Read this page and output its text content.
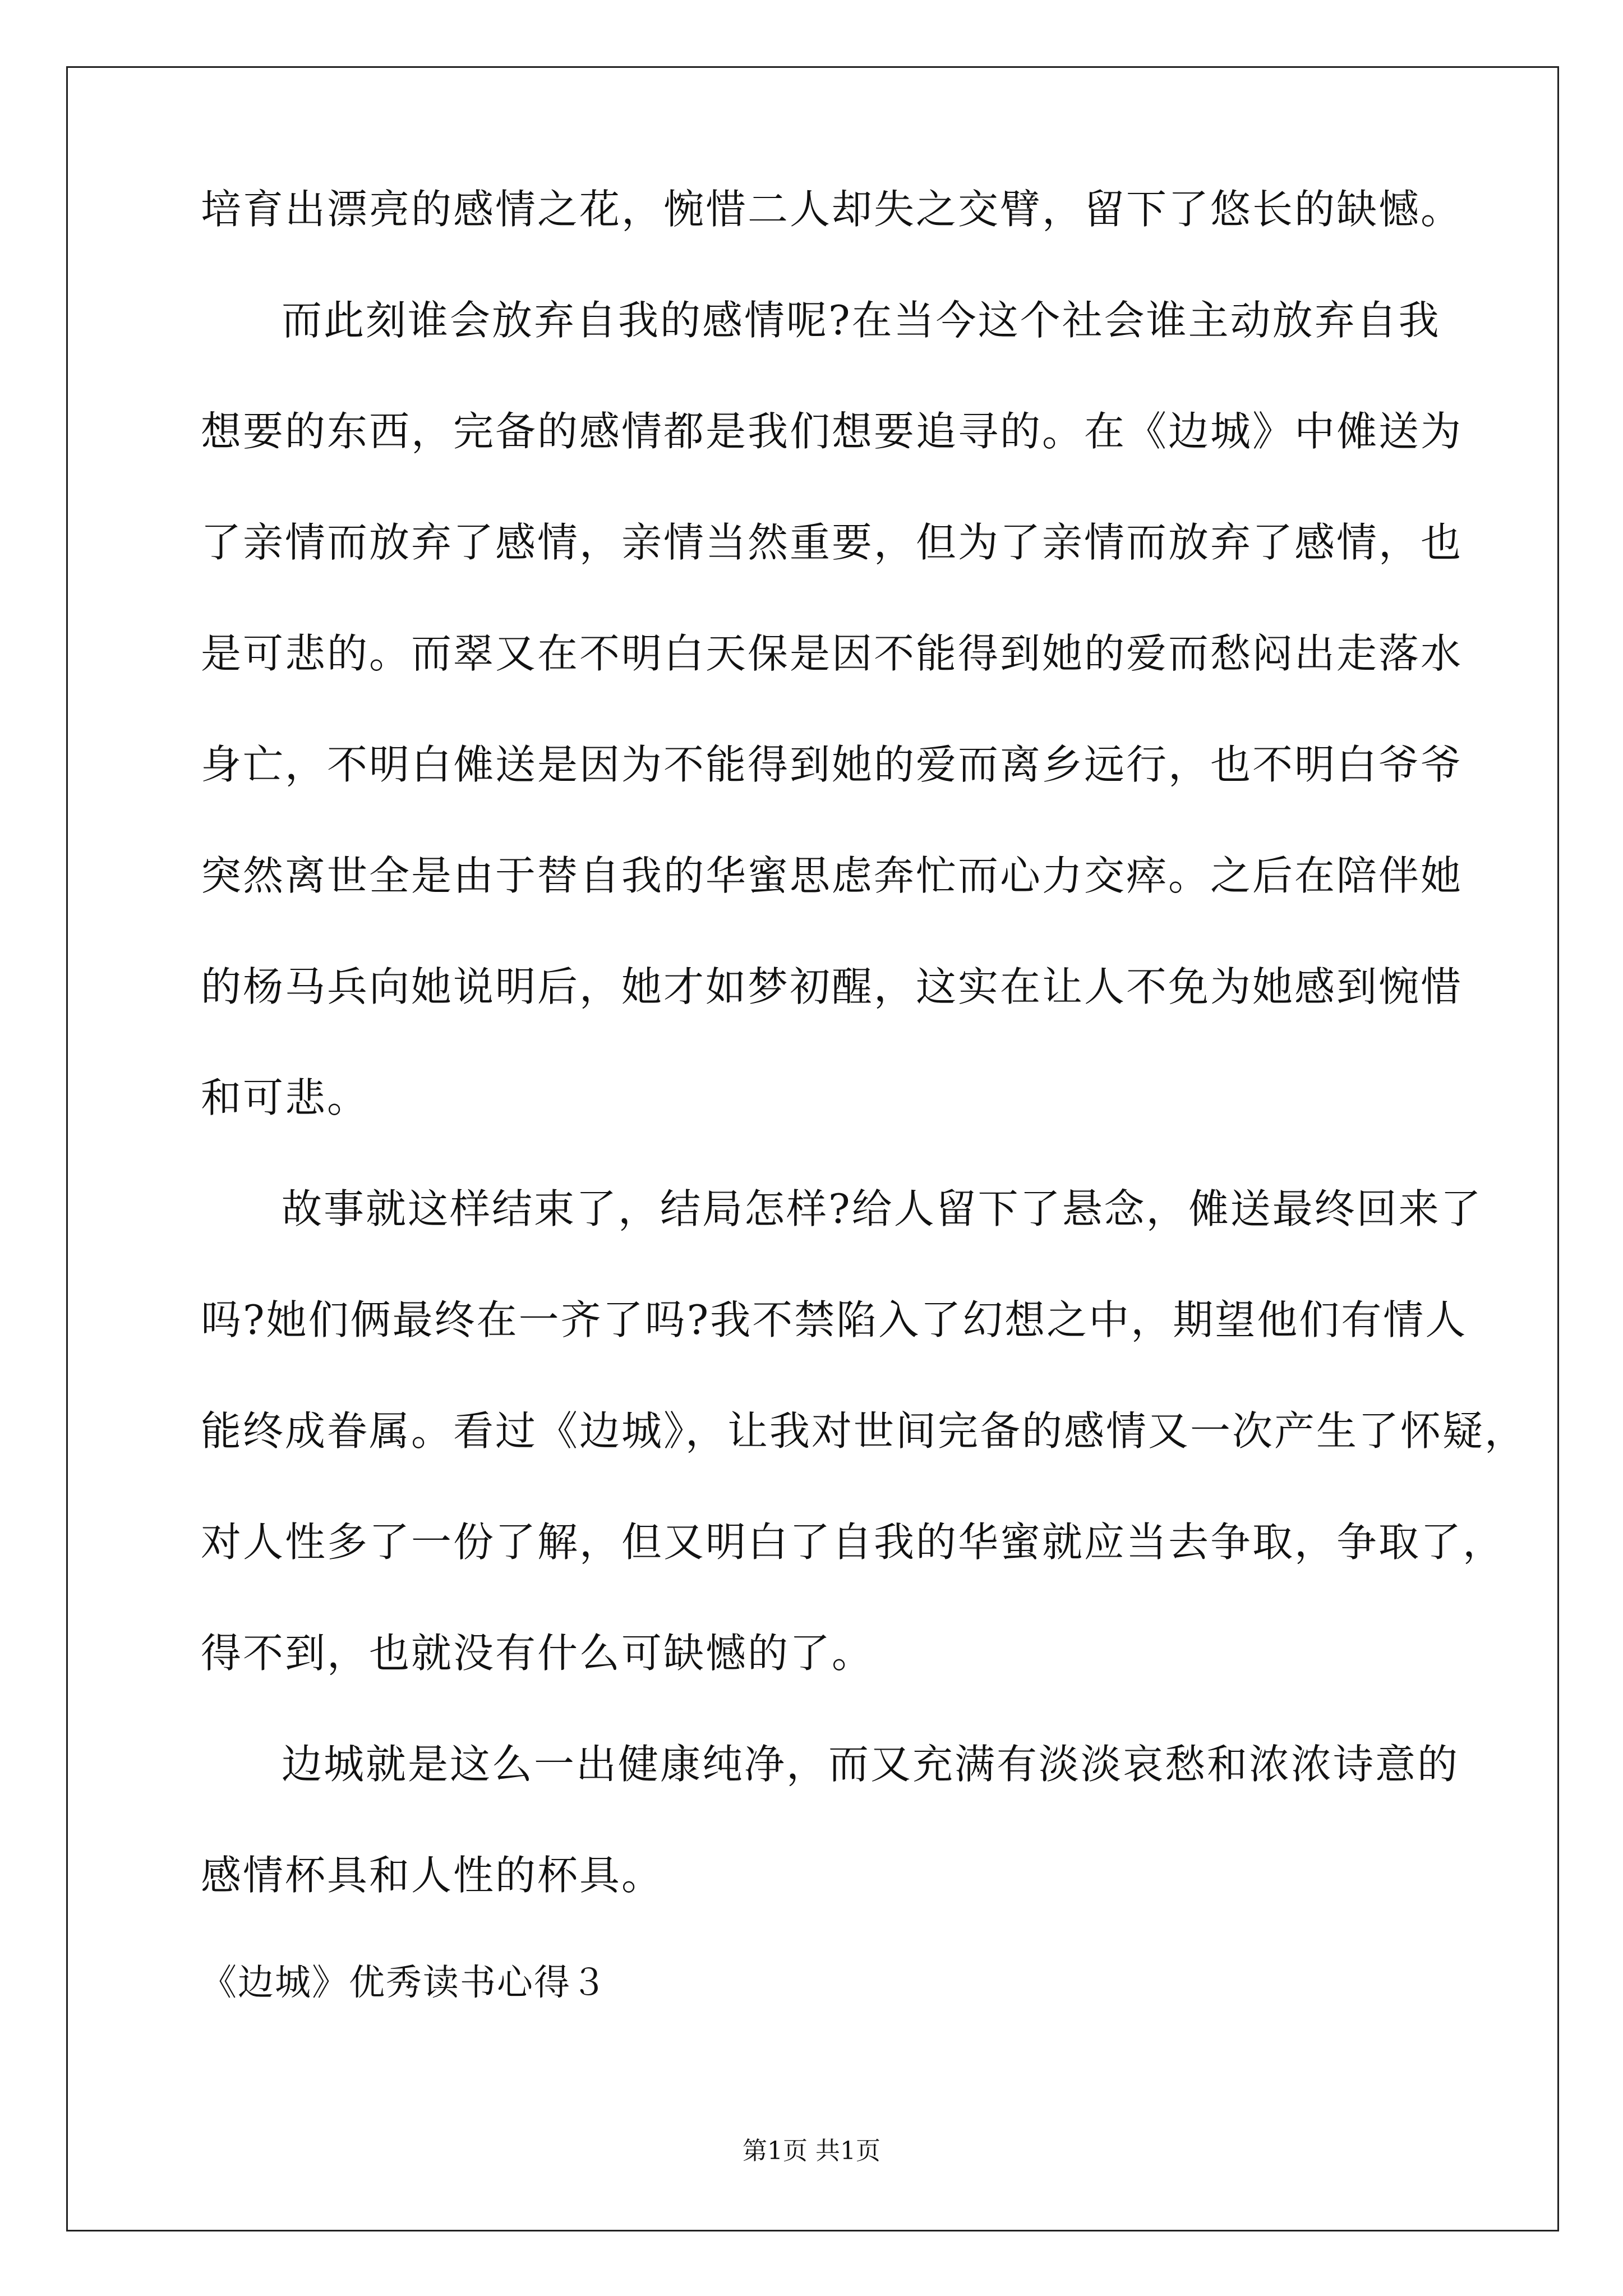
培育出漂亮的感情之花，惋惜二人却失之交臂，留下了悠长的缺憾。
而此刻谁会放弃自我的感情呢?在当今这个社会谁主动放弃自我
想要的东西，完备的感情都是我们想要追寻的。在《边城》中傩送为
了亲情而放弃了感情，亲情当然重要，但为了亲情而放弃了感情，也
是可悲的。而翠又在不明白天保是因不能得到她的爱而愁闷出走落水
身亡，不明白傩送是因为不能得到她的爱而离乡远行，也不明白爷爷
突然离世全是由于替自我的华蜜思虑奔忙而心力交瘁。之后在陪伴她
的杨马兵向她说明后，她才如梦初醒，这实在让人不免为她感到惋惜
和可悲。
故事就这样结束了，结局怎样?给人留下了悬念，傩送最终回来了
吗?她们俩最终在一齐了吗?我不禁陷入了幻想之中，期望他们有情人
能终成眷属。看过《边城》，让我对世间完备的感情又一次产生了怀疑，
对人性多了一份了解，但又明白了自我的华蜜就应当去争取，争取了，
得不到，也就没有什么可缺憾的了。
边城就是这么一出健康纯净，而又充满有淡淡哀愁和浓浓诗意的
感情杯具和人性的杯具。
《边城》优秀读书心得３
第1页 共1页
